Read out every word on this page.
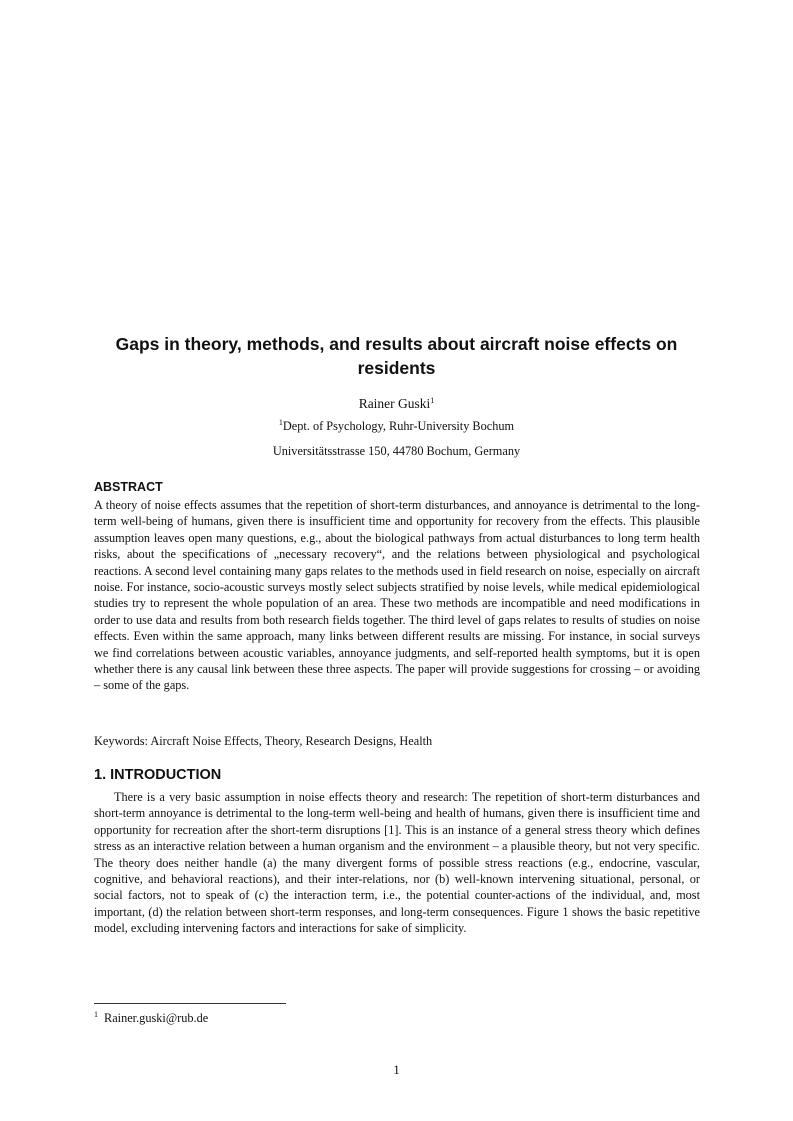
Gaps in theory, methods, and results about aircraft noise effects on residents

Rainer Guski$^1$

$^1$Dept. of Psychology, Ruhr-University Bochum

Universitätsstrasse 150, 44780 Bochum, Germany

ABSTRACT

A theory of noise effects assumes that the repetition of short-term disturbances, and annoyance is detrimental to the long-term well-being of humans, given there is insufficient time and opportunity for recovery from the effects. This plausible assumption leaves open many questions, e.g., about the biological pathways from actual disturbances to long term health risks, about the specifications of „necessary recovery“, and the relations between physiological and psychological reactions. A second level containing many gaps relates to the methods used in field research on noise, especially on aircraft noise. For instance, socio-acoustic surveys mostly select subjects stratified by noise levels, while medical epidemiological studies try to represent the whole population of an area. These two methods are incompatible and need modifications in order to use data and results from both research fields together. The third level of gaps relates to results of studies on noise effects. Even within the same approach, many links between different results are missing. For instance, in social surveys we find correlations between acoustic variables, annoyance judgments, and self-reported health symptoms, but it is open whether there is any causal link between these three aspects. The paper will provide suggestions for crossing – or avoiding – some of the gaps.

Keywords: Aircraft Noise Effects, Theory, Research Designs, Health

1. INTRODUCTION

There is a very basic assumption in noise effects theory and research: The repetition of short-term disturbances and short-term annoyance is detrimental to the long-term well-being and health of humans, given there is insufficient time and opportunity for recreation after the short-term disruptions [1]. This is an instance of a general stress theory which defines stress as an interactive relation between a human organism and the environment – a plausible theory, but not very specific. The theory does neither handle (a) the many divergent forms of possible stress reactions (e.g., endocrine, vascular, cognitive, and behavioral reactions), and their inter-relations, nor (b) well-known intervening situational, personal, or social factors, not to speak of (c) the interaction term, i.e., the potential counter-actions of the individual, and, most important, (d) the relation between short-term responses, and long-term consequences. Figure 1 shows the basic repetitive model, excluding intervening factors and interactions for sake of simplicity.

$^1$ Rainer.guski@rub.de

1
